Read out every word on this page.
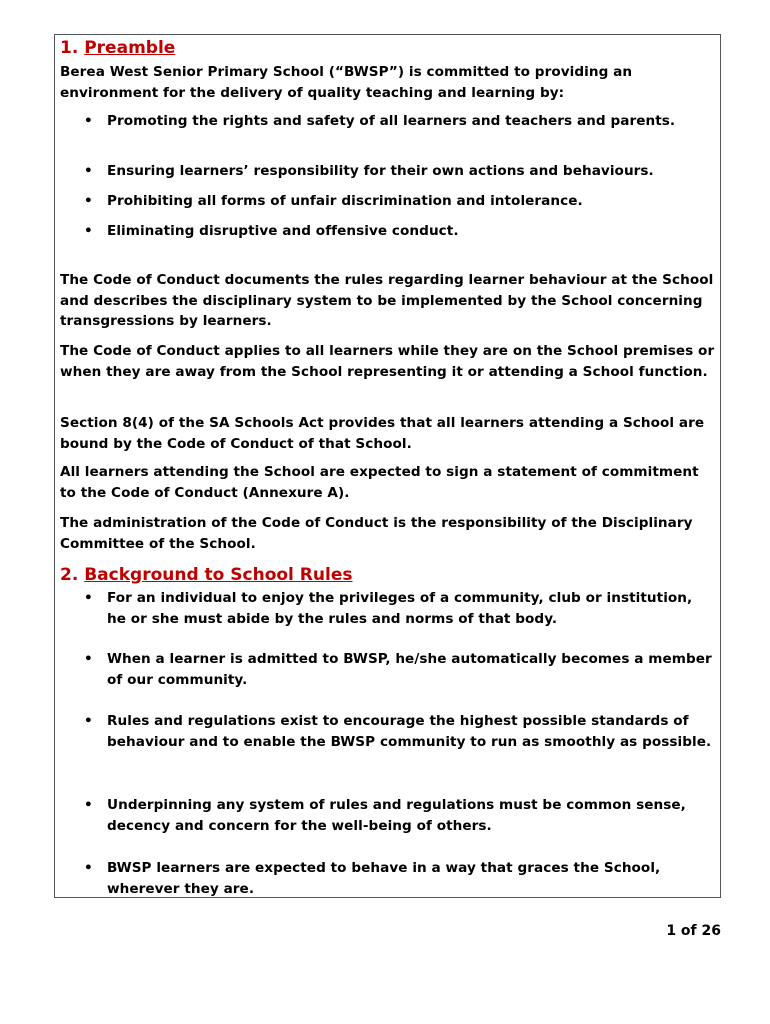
1. Preamble

Berea West Senior Primary School (“BWSP”) is committed to providing an environment for the delivery of quality teaching and learning by:

• Promoting the rights and safety of all learners and teachers and parents.
• Ensuring learners’ responsibility for their own actions and behaviours.
• Prohibiting all forms of unfair discrimination and intolerance.
• Eliminating disruptive and offensive conduct.

The Code of Conduct documents the rules regarding learner behaviour at the School and describes the disciplinary system to be implemented by the School concerning transgressions by learners.

The Code of Conduct applies to all learners while they are on the School premises or when they are away from the School representing it or attending a School function.

Section 8(4) of the SA Schools Act provides that all learners attending a School are bound by the Code of Conduct of that School.

All learners attending the School are expected to sign a statement of commitment to the Code of Conduct (Annexure A).

The administration of the Code of Conduct is the responsibility of the Disciplinary Committee of the School.

2. Background to School Rules
• For an individual to enjoy the privileges of a community, club or institution, he or she must abide by the rules and norms of that body.
• When a learner is admitted to BWSP, he/she automatically becomes a member of our community.
• Rules and regulations exist to encourage the highest possible standards of behaviour and to enable the BWSP community to run as smoothly as possible.
• Underpinning any system of rules and regulations must be common sense, decency and concern for the well-being of others.
• BWSP learners are expected to behave in a way that graces the School, wherever they are.
1 of 26
